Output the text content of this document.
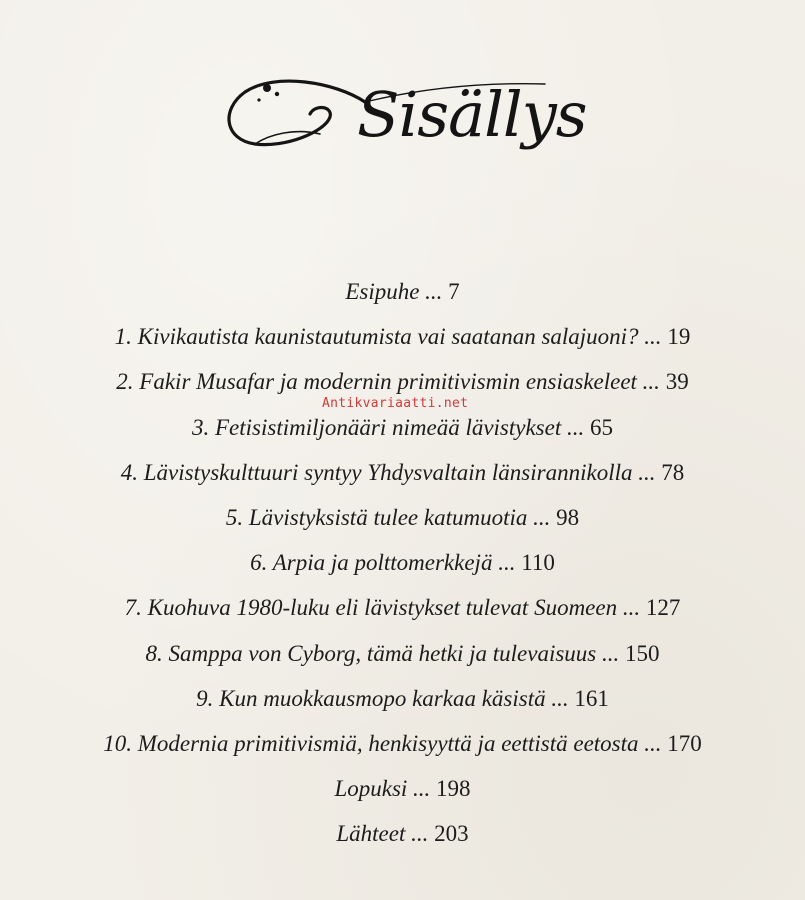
Sisällys
Esipuhe ... 7
1. Kivikautista kaunistautumista vai saatanan salajuoni? ... 19
2. Fakir Musafar ja modernin primitivismin ensiaskeleet ... 39
3. Fetisistimiljonääri nimeää lävistykset ... 65
4. Lävistyskulttuuri syntyy Yhdysvaltain länsirannikolla ... 78
5. Lävistyksistä tulee katumuotia ... 98
6. Arpia ja polttomerkkejä ... 110
7. Kuohuva 1980-luku eli lävistykset tulevat Suomeen ... 127
8. Samppa von Cyborg, tämä hetki ja tulevaisuus ... 150
9. Kun muokkausmopo karkaa käsistä ... 161
10. Modernia primitivismiä, henkisyyttä ja eettistä eetosta ... 170
Lopuksi ... 198
Lähteet ... 203
Antikvariaatti.net
